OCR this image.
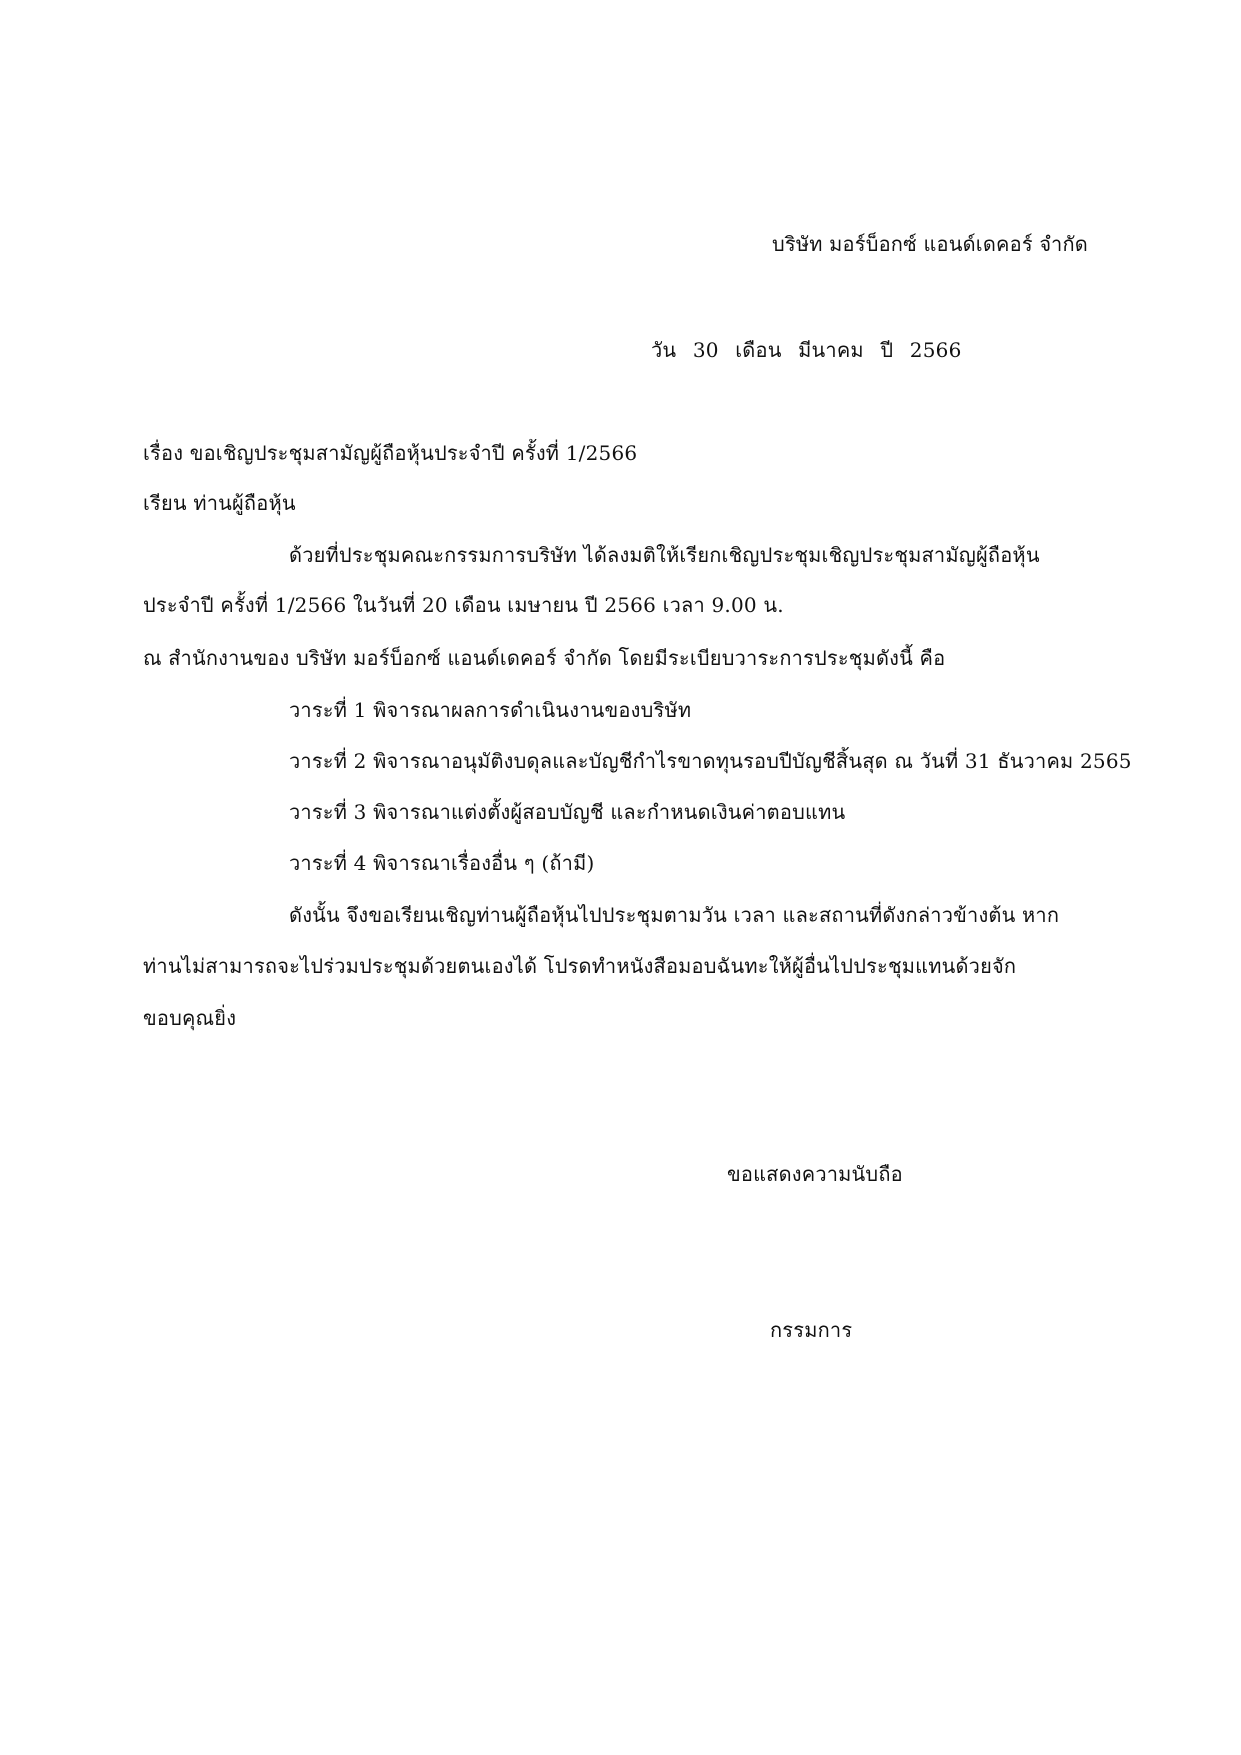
บริษัท มอร์บ็อกซ์ แอนด์เดคอร์ จำกัด
วัน 30 เดือน มีนาคม ปี 2566
เรื่อง ขอเชิญประชุมสามัญผู้ถือหุ้นประจำปี ครั้งที่ 1/2566
เรียน ท่านผู้ถือหุ้น
ด้วยที่ประชุมคณะกรรมการบริษัท ได้ลงมติให้เรียกเชิญประชุมเชิญประชุมสามัญผู้ถือหุ้น
ประจำปี ครั้งที่ 1/2566 ในวันที่ 20 เดือน เมษายน ปี 2566 เวลา 9.00 น.
ณ สำนักงานของ บริษัท มอร์บ็อกซ์ แอนด์เดคอร์ จำกัด โดยมีระเบียบวาระการประชุมดังนี้ คือ
วาระที่ 1 พิจารณาผลการดำเนินงานของบริษัท
วาระที่ 2 พิจารณาอนุมัติงบดุลและบัญชีกำไรขาดทุนรอบปีบัญชีสิ้นสุด ณ วันที่ 31 ธันวาคม 2565
วาระที่ 3 พิจารณาแต่งตั้งผู้สอบบัญชี และกำหนดเงินค่าตอบแทน
วาระที่ 4 พิจารณาเรื่องอื่น ๆ (ถ้ามี)
ดังนั้น จึงขอเรียนเชิญท่านผู้ถือหุ้นไปประชุมตามวัน เวลา และสถานที่ดังกล่าวข้างต้น หาก
ท่านไม่สามารถจะไปร่วมประชุมด้วยตนเองได้ โปรดทำหนังสือมอบฉันทะให้ผู้อื่นไปประชุมแทนด้วยจัก
ขอบคุณยิ่ง
ขอแสดงความนับถือ
กรรมการ
